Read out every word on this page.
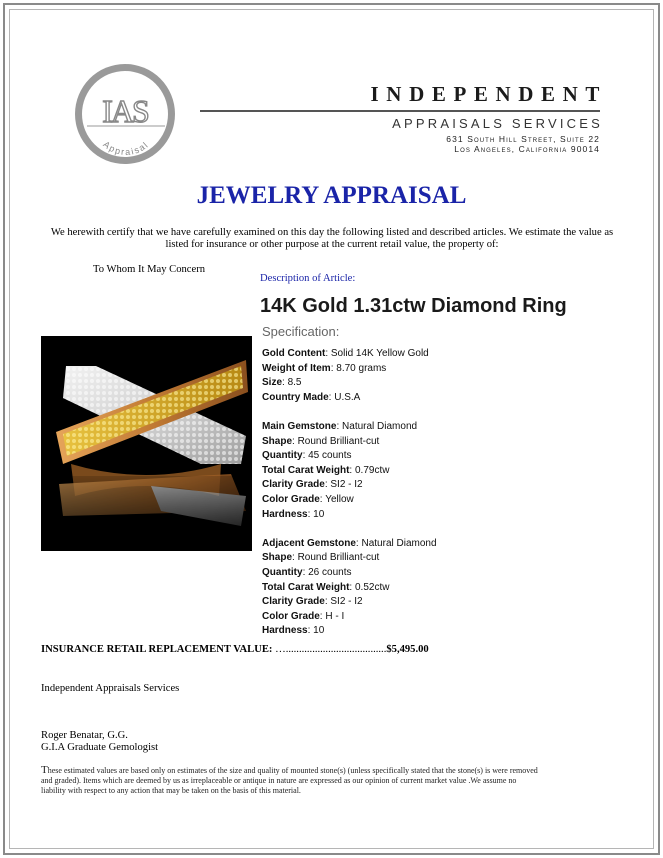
IAS
Appraisal
INDEPENDENT
APPRAISALS SERVICES
631 South Hill Street, Suite 22
Los Angeles, California 90014
JEWELRY APPRAISAL
We herewith certify that we have carefully examined on this day the following listed and described articles. We estimate the value as listed for insurance or other purpose at the current retail value, the property of:
To Whom It May Concern
Description of Article:
14K Gold 1.31ctw Diamond Ring
Specification:
Gold Content: Solid 14K Yellow Gold
Weight of Item: 8.70 grams
Size: 8.5
Country Made: U.S.A
Main Gemstone: Natural Diamond
Shape: Round Brilliant-cut
Quantity: 45 counts
Total Carat Weight: 0.79ctw
Clarity Grade: SI2 - I2
Color Grade: Yellow
Hardness: 10
Adjacent Gemstone: Natural Diamond
Shape: Round Brilliant-cut
Quantity: 26 counts
Total Carat Weight: 0.52ctw
Clarity Grade: SI2 - I2
Color Grade: H - I
Hardness: 10
INSURANCE RETAIL REPLACEMENT VALUE: …......................................$5,495.00
Independent Appraisals Services
Roger Benatar, G.G.
G.I.A Graduate Gemologist
These estimated values are based only on estimates of the size and quality of mounted stone(s) (unless specifically stated that the stone(s) is were removed and graded). Items which are deemed by us as irreplaceable or antique in nature are expressed as our opinion of current market value .We assume no liability with respect to any action that may be taken on the basis of this material.
